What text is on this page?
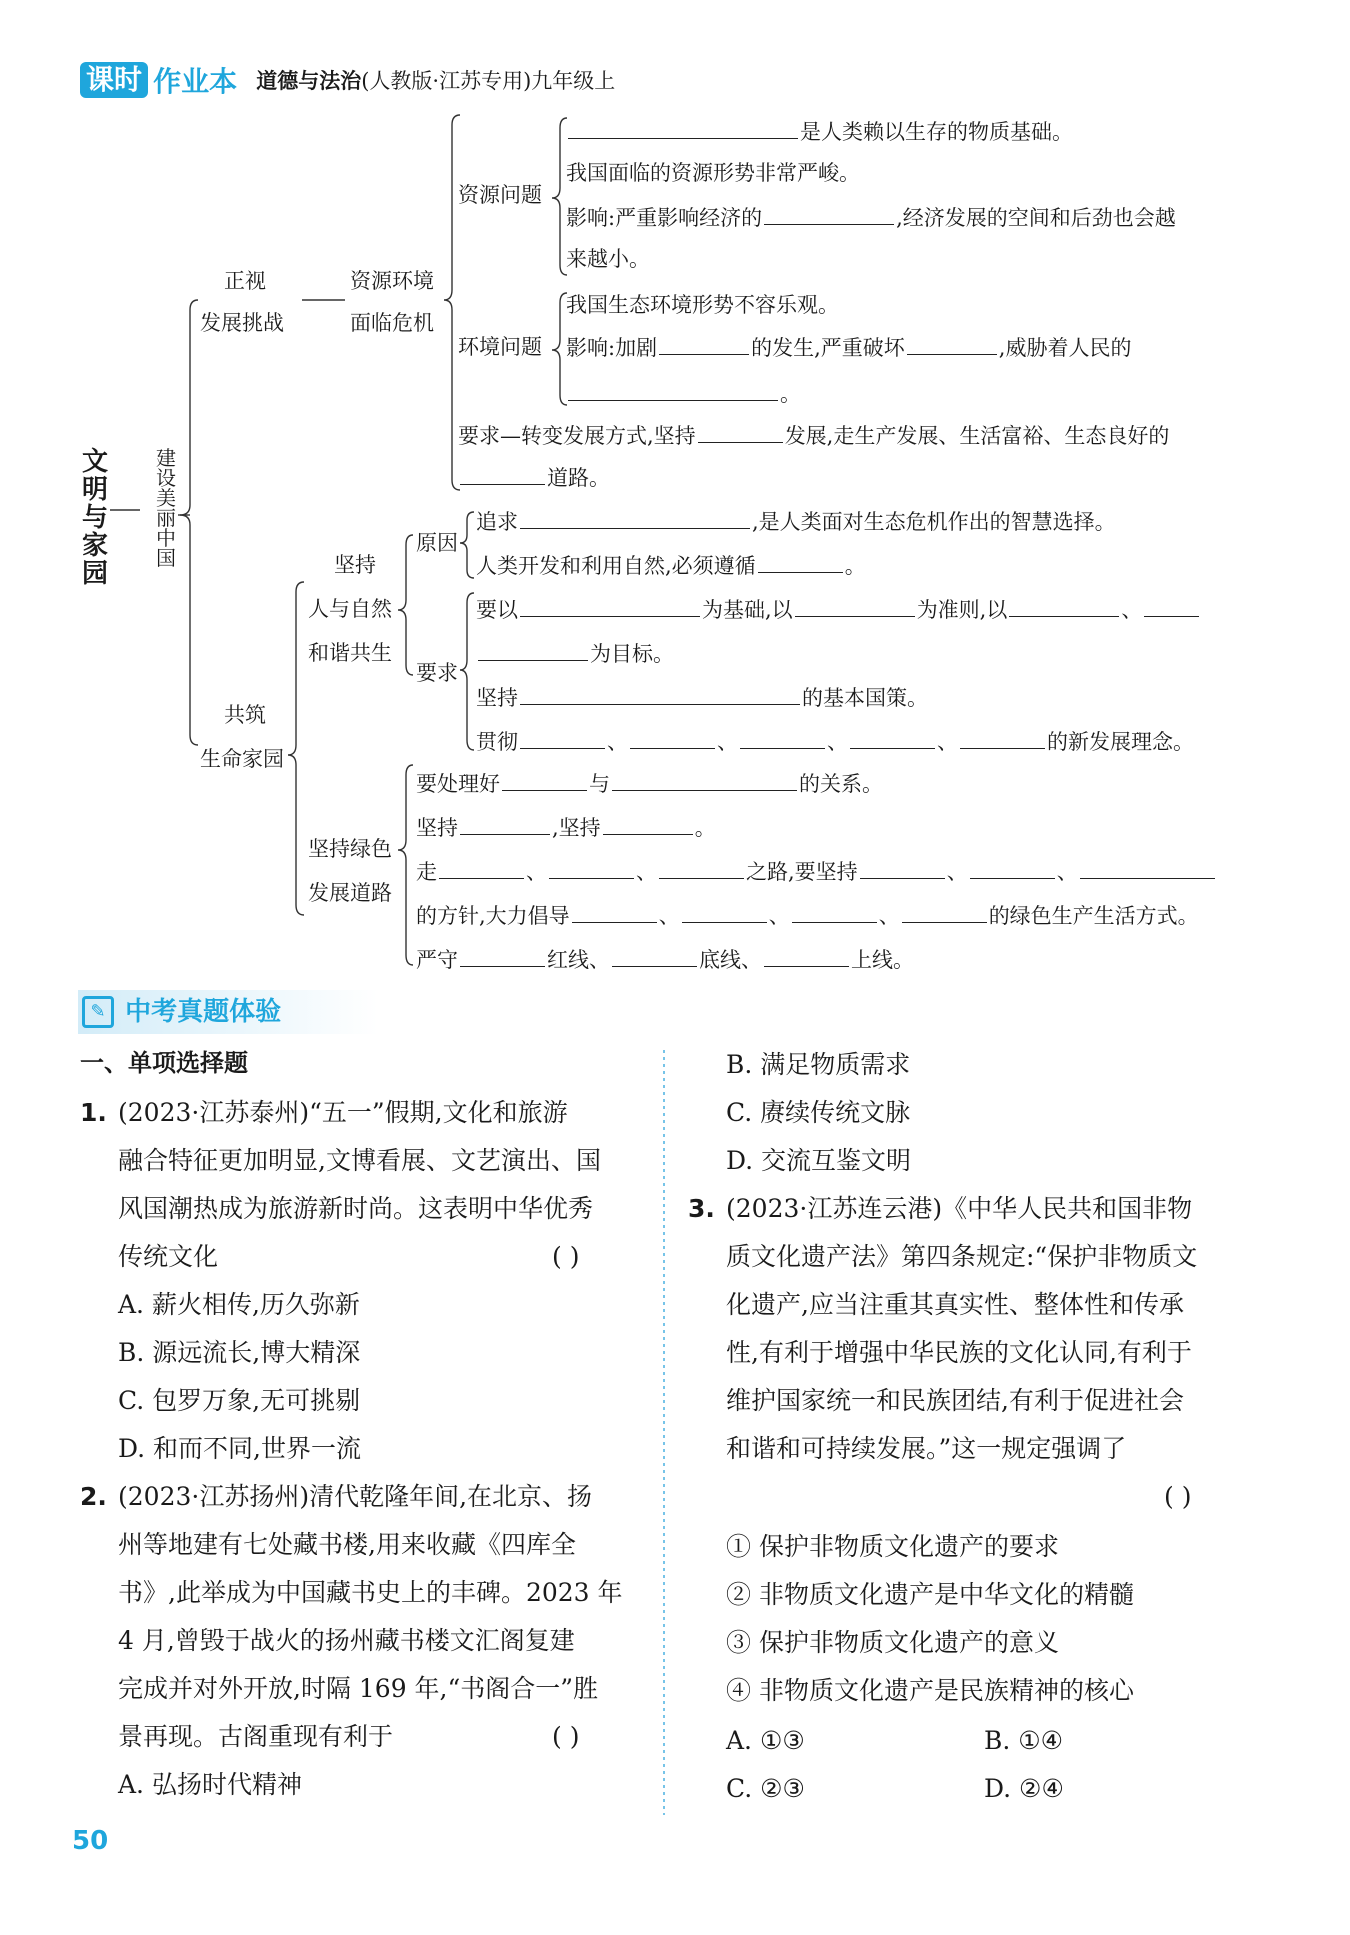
课时 作业本 道德与法治(人教版·江苏专用)九年级上
文明与家园
建设美丽中国
正视
发展挑战
资源环境
面临危机
资源问题
是人类赖以生存的物质基础。
我国面临的资源形势非常严峻。
影响:严重影响经济的	,经济发展的空间和后劲也会越
来越小。
环境问题
我国生态环境形势不容乐观。
影响:加剧	的发生,严重破坏	,威胁着人民的
。
要求—转变发展方式,坚持	发展,走生产发展、生活富裕、生态良好的
道路。
共筑
生命家园
坚持
人与自然
和谐共生
原因
追求	,是人类面对生态危机作出的智慧选择。
人类开发和利用自然,必须遵循	。
要求
要以	为基础,以	为准则,以	、
为目标。
坚持	的基本国策。
贯彻	、	、	、	、	的新发展理念。
坚持绿色
发展道路
要处理好	与	的关系。
坚持	,坚持	。
走	、	、	之路,要坚持	、	、
的方针,大力倡导	、	、	、	的绿色生产生活方式。
严守	红线、	底线、	上线。
✎ 中考真题体验
一、单项选择题
1. (2023·江苏泰州)“五一”假期,文化和旅游
融合特征更加明显,文博看展、文艺演出、国
风国潮热成为旅游新时尚。这表明中华优秀
传统文化	( )
A. 薪火相传,历久弥新
B. 源远流长,博大精深
C. 包罗万象,无可挑剔
D. 和而不同,世界一流
2. (2023·江苏扬州)清代乾隆年间,在北京、扬
州等地建有七处藏书楼,用来收藏《四库全
书》,此举成为中国藏书史上的丰碑。2023 年
4 月,曾毁于战火的扬州藏书楼文汇阁复建
完成并对外开放,时隔 169 年,“书阁合一”胜
景再现。古阁重现有利于	( )
A. 弘扬时代精神
B. 满足物质需求
C. 赓续传统文脉
D. 交流互鉴文明
3. (2023·江苏连云港)《中华人民共和国非物
质文化遗产法》第四条规定:“保护非物质文
化遗产,应当注重其真实性、整体性和传承
性,有利于增强中华民族的文化认同,有利于
维护国家统一和民族团结,有利于促进社会
和谐和可持续发展。”这一规定强调了
( )
① 保护非物质文化遗产的要求
② 非物质文化遗产是中华文化的精髓
③ 保护非物质文化遗产的意义
④ 非物质文化遗产是民族精神的核心
A. ①③	B. ①④
C. ②③	D. ②④
50
